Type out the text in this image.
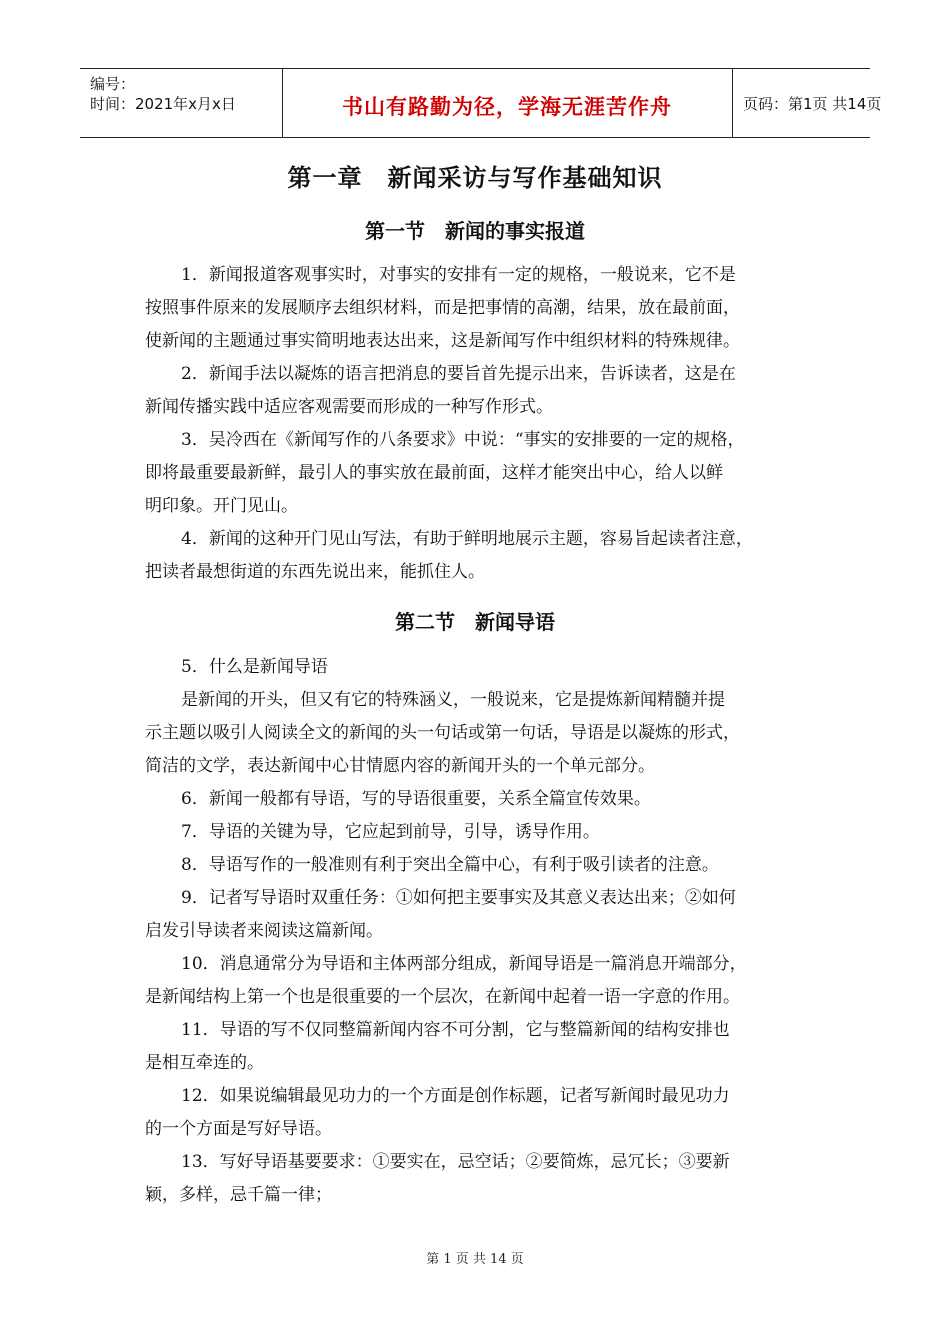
编号：
时间：2021年x月x日	书山有路勤为径，学海无涯苦作舟	页码：第1页 共14页
第一章　新闻采访与写作基础知识
第一节　新闻的事实报道
1．新闻报道客观事实时，对事实的安排有一定的规格，一般说来，它不是
按照事件原来的发展顺序去组织材料，而是把事情的高潮，结果，放在最前面，
使新闻的主题通过事实简明地表达出来，这是新闻写作中组织材料的特殊规律。
2．新闻手法以凝炼的语言把消息的要旨首先提示出来，告诉读者，这是在
新闻传播实践中适应客观需要而形成的一种写作形式。
3．吴冷西在《新闻写作的八条要求》中说：“事实的安排要的一定的规格，
即将最重要最新鲜，最引人的事实放在最前面，这样才能突出中心，给人以鲜
明印象。开门见山。
4．新闻的这种开门见山写法，有助于鲜明地展示主题，容易旨起读者注意，
把读者最想街道的东西先说出来，能抓住人。
第二节　新闻导语
5．什么是新闻导语
是新闻的开头，但又有它的特殊涵义，一般说来，它是提炼新闻精髓并提
示主题以吸引人阅读全文的新闻的头一句话或第一句话，导语是以凝炼的形式，
简洁的文学，表达新闻中心甘情愿内容的新闻开头的一个单元部分。
6．新闻一般都有导语，写的导语很重要，关系全篇宣传效果。
7．导语的关键为导，它应起到前导，引导，诱导作用。
8．导语写作的一般准则有利于突出全篇中心，有利于吸引读者的注意。
9．记者写导语时双重任务：①如何把主要事实及其意义表达出来；②如何
启发引导读者来阅读这篇新闻。
10．消息通常分为导语和主体两部分组成，新闻导语是一篇消息开端部分，
是新闻结构上第一个也是很重要的一个层次，在新闻中起着一语一字意的作用。
11．导语的写不仅同整篇新闻内容不可分割，它与整篇新闻的结构安排也
是相互牵连的。
12．如果说编辑最见功力的一个方面是创作标题，记者写新闻时最见功力
的一个方面是写好导语。
13．写好导语基要要求：①要实在，忌空话；②要简炼，忌冗长；③要新
颖，多样，忌千篇一律；
第 1 页 共 14 页
